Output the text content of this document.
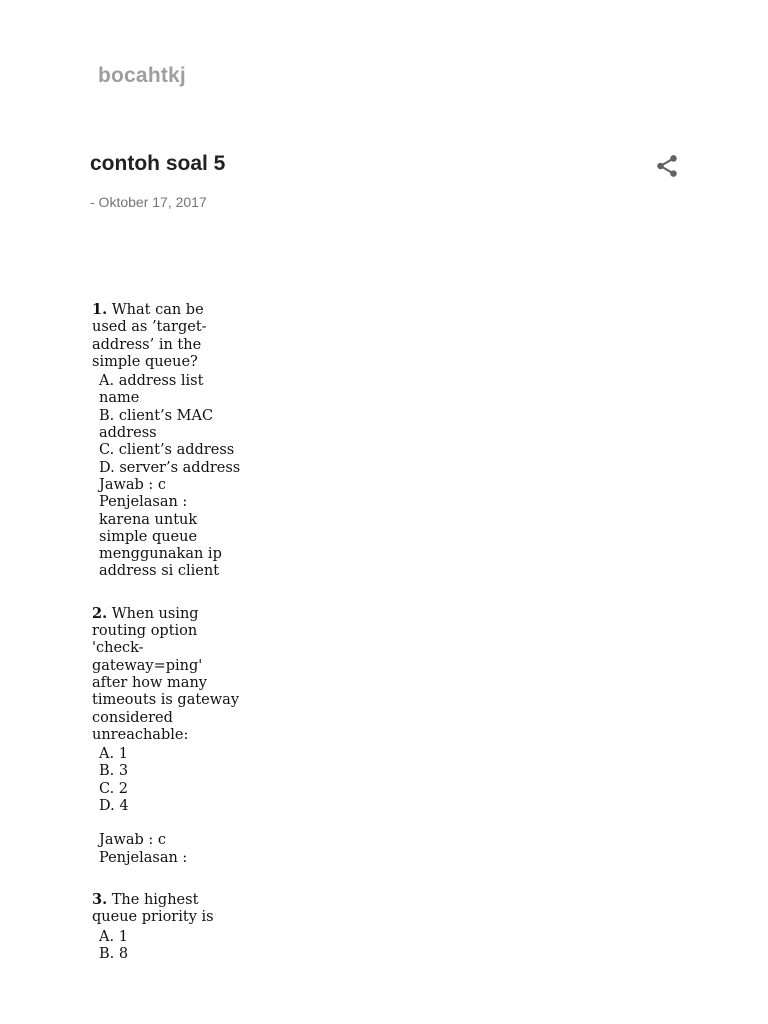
bocahtkj
contoh soal 5
- Oktober 17, 2017

1. What can be used as ’target-address’ in the simple queue?

A. address list name
B. client’s MAC address
C. client’s address
D. server’s address
Jawab : c
Penjelasan : karena untuk simple queue menggunakan ip address si client

2. When using routing option 'check-gateway=ping' after how many timeouts is gateway considered unreachable:

A. 1
B. 3
C. 2
D. 4
Jawab : c
Penjelasan :

3. The highest queue priority is

A. 1
B. 8
